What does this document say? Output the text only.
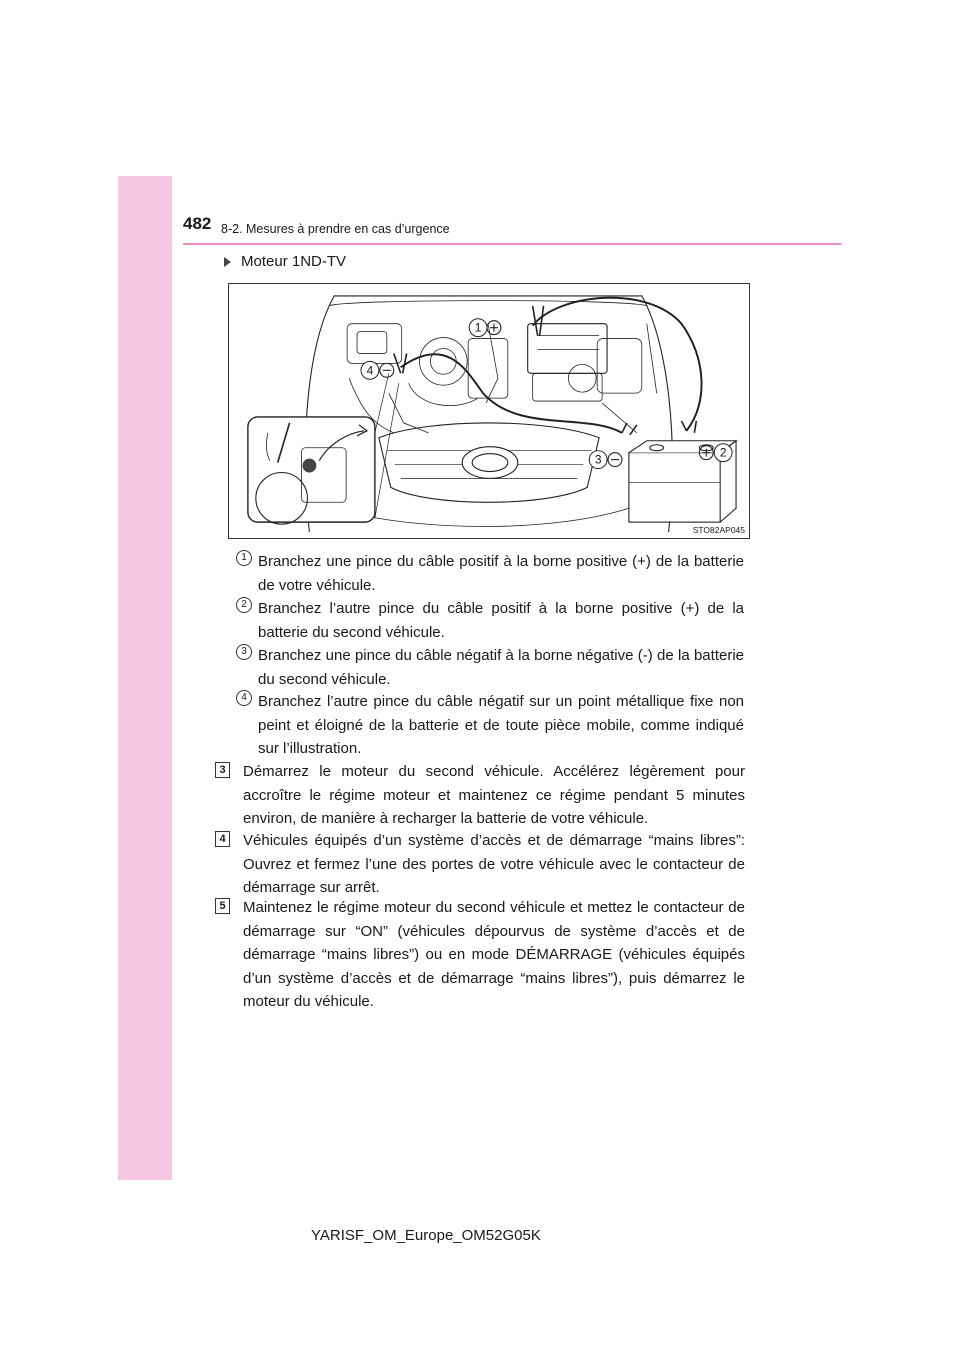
482 8-2. Mesures à prendre en cas d’urgence
Moteur 1ND-TV
1
2
3
4
STO82AP045
1 Branchez une pince du câble positif à la borne positive (+) de la batterie de votre véhicule.
2 Branchez l’autre pince du câble positif à la borne positive (+) de la batterie du second véhicule.
3 Branchez une pince du câble négatif à la borne négative (-) de la batterie du second véhicule.
4 Branchez l’autre pince du câble négatif sur un point métallique fixe non peint et éloigné de la batterie et de toute pièce mobile, comme indiqué sur l’illustration.
3 Démarrez le moteur du second véhicule. Accélérez légèrement pour accroître le régime moteur et maintenez ce régime pendant 5 minutes environ, de manière à recharger la batterie de votre véhicule.
4 Véhicules équipés d’un système d’accès et de démarrage “mains libres”: Ouvrez et fermez l’une des portes de votre véhicule avec le contacteur de démarrage sur arrêt.
5 Maintenez le régime moteur du second véhicule et mettez le contacteur de démarrage sur “ON” (véhicules dépourvus de système d’accès et de démarrage “mains libres”) ou en mode DÉMARRAGE (véhicules équipés d’un système d’accès et de démarrage “mains libres”), puis démarrez le moteur du véhicule.
YARISF_OM_Europe_OM52G05K
